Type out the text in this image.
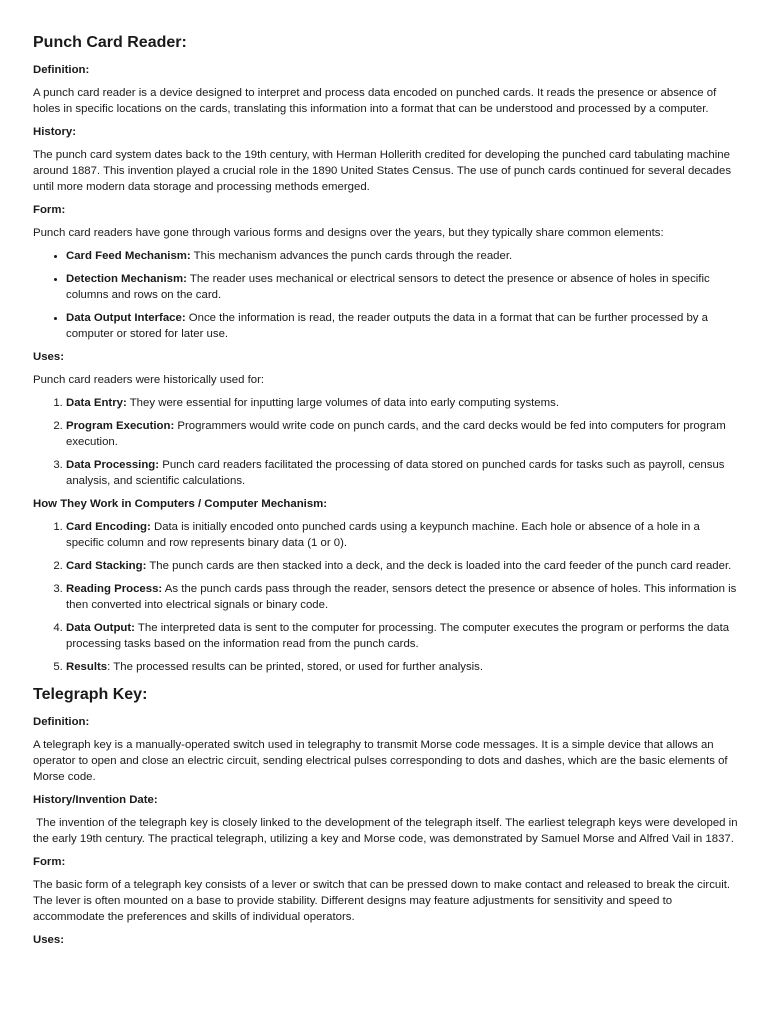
Punch Card Reader:
Definition:

A punch card reader is a device designed to interpret and process data encoded on punched cards. It reads the presence or absence of holes in specific locations on the cards, translating this information into a format that can be understood and processed by a computer.

History:

The punch card system dates back to the 19th century, with Herman Hollerith credited for developing the punched card tabulating machine around 1887. This invention played a crucial role in the 1890 United States Census. The use of punch cards continued for several decades until more modern data storage and processing methods emerged.

Form:

Punch card readers have gone through various forms and designs over the years, but they typically share common elements:

• Card Feed Mechanism: This mechanism advances the punch cards through the reader.
• Detection Mechanism: The reader uses mechanical or electrical sensors to detect the presence or absence of holes in specific columns and rows on the card.
• Data Output Interface: Once the information is read, the reader outputs the data in a format that can be further processed by a computer or stored for later use.
Uses:

Punch card readers were historically used for:

1. Data Entry: They were essential for inputting large volumes of data into early computing systems.
2. Program Execution: Programmers would write code on punch cards, and the card decks would be fed into computers for program execution.
3. Data Processing: Punch card readers facilitated the processing of data stored on punched cards for tasks such as payroll, census analysis, and scientific calculations.
How They Work in Computers / Computer Mechanism:
1. Card Encoding: Data is initially encoded onto punched cards using a keypunch machine. Each hole or absence of a hole in a specific column and row represents binary data (1 or 0).
2. Card Stacking: The punch cards are then stacked into a deck, and the deck is loaded into the card feeder of the punch card reader.
3. Reading Process: As the punch cards pass through the reader, sensors detect the presence or absence of holes. This information is then converted into electrical signals or binary code.
4. Data Output: The interpreted data is sent to the computer for processing. The computer executes the program or performs the data processing tasks based on the information read from the punch cards.
5. Results: The processed results can be printed, stored, or used for further analysis.
Telegraph Key:
Definition:

A telegraph key is a manually-operated switch used in telegraphy to transmit Morse code messages. It is a simple device that allows an operator to open and close an electric circuit, sending electrical pulses corresponding to dots and dashes, which are the basic elements of Morse code.

History/Invention Date:

The invention of the telegraph key is closely linked to the development of the telegraph itself. The earliest telegraph keys were developed in the early 19th century. The practical telegraph, utilizing a key and Morse code, was demonstrated by Samuel Morse and Alfred Vail in 1837.

Form:

The basic form of a telegraph key consists of a lever or switch that can be pressed down to make contact and released to break the circuit. The lever is often mounted on a base to provide stability. Different designs may feature adjustments for sensitivity and speed to accommodate the preferences and skills of individual operators.

Uses:
